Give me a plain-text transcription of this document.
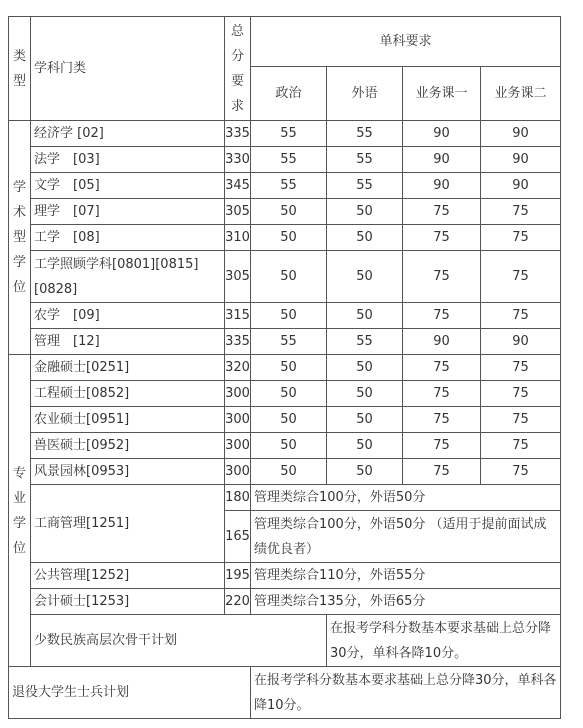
类型	学科门类	总分要求	单科要求			
			政治	外语	业务课一	业务课二
学术型学位	经济学 [02]	335	55	55	90	90
	法学　[03]	330	55	55	90	90
	文学　[05]	345	55	55	90	90
	理学　[07]	305	50	50	75	75
	工学　[08]	310	50	50	75	75
	工学照顾学科[0801][0815][0828]	305	50	50	75	75
	农学　[09]	315	50	50	75	75
	管理　[12]	335	55	55	90	90
专业学位	金融硕士[0251]	320	50	50	75	75
	工程硕士[0852]	300	50	50	75	75
	农业硕士[0951]	300	50	50	75	75
	兽医硕士[0952]	300	50	50	75	75
	风景园林[0953]	300	50	50	75	75
	工商管理[1251]	180	管理类综合100分，外语50分			
		165	管理类综合100分，外语50分 （适用于提前面试成绩优良者）			
	公共管理[1252]	195	管理类综合110分，外语55分			
	会计硕士[1253]	220	管理类综合135分，外语65分			
	少数民族高层次骨干计划			在报考学科分数基本要求基础上总分降30分，单科各降10分。		
退役大学生士兵计划			在报考学科分数基本要求基础上总分降30分，单科各降10分。			
